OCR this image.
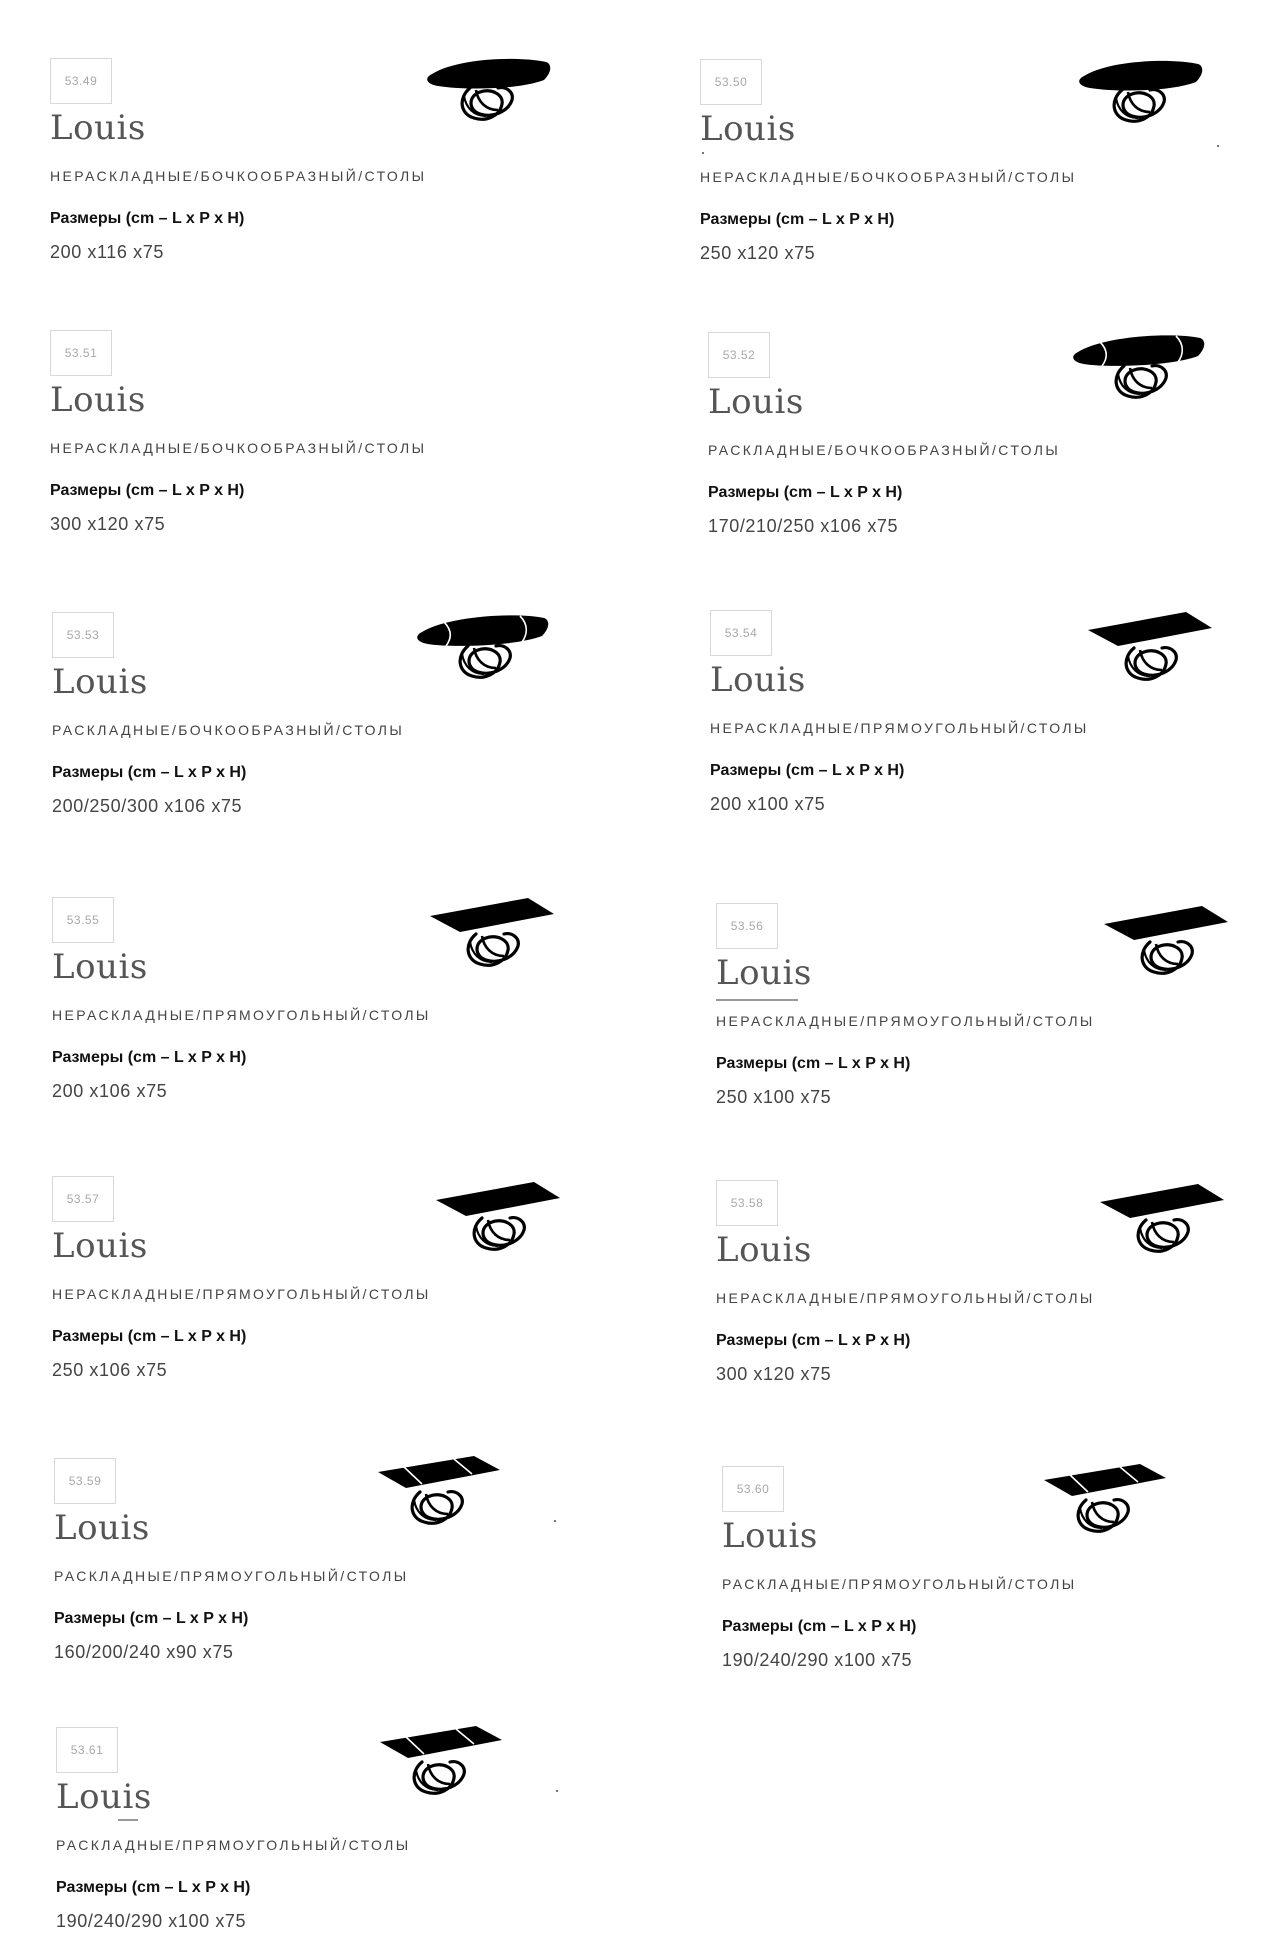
53.49
Louis
НЕРАСКЛАДНЫЕ/БОЧКООБРАЗНЫЙ/СТОЛЫ
Размеры (cm – L x P x H)
200 x116 x75
53.50
Louis
НЕРАСКЛАДНЫЕ/БОЧКООБРАЗНЫЙ/СТОЛЫ
Размеры (cm – L x P x H)
250 x120 x75
53.51
Louis
НЕРАСКЛАДНЫЕ/БОЧКООБРАЗНЫЙ/СТОЛЫ
Размеры (cm – L x P x H)
300 x120 x75
53.52
Louis
РАСКЛАДНЫЕ/БОЧКООБРАЗНЫЙ/СТОЛЫ
Размеры (cm – L x P x H)
170/210/250 x106 x75
53.53
Louis
РАСКЛАДНЫЕ/БОЧКООБРАЗНЫЙ/СТОЛЫ
Размеры (cm – L x P x H)
200/250/300 x106 x75
53.54
Louis
НЕРАСКЛАДНЫЕ/ПРЯМОУГОЛЬНЫЙ/СТОЛЫ
Размеры (cm – L x P x H)
200 x100 x75
53.55
Louis
НЕРАСКЛАДНЫЕ/ПРЯМОУГОЛЬНЫЙ/СТОЛЫ
Размеры (cm – L x P x H)
200 x106 x75
53.56
Louis
НЕРАСКЛАДНЫЕ/ПРЯМОУГОЛЬНЫЙ/СТОЛЫ
Размеры (cm – L x P x H)
250 x100 x75
53.57
Louis
НЕРАСКЛАДНЫЕ/ПРЯМОУГОЛЬНЫЙ/СТОЛЫ
Размеры (cm – L x P x H)
250 x106 x75
53.58
Louis
НЕРАСКЛАДНЫЕ/ПРЯМОУГОЛЬНЫЙ/СТОЛЫ
Размеры (cm – L x P x H)
300 x120 x75
53.59
Louis
РАСКЛАДНЫЕ/ПРЯМОУГОЛЬНЫЙ/СТОЛЫ
Размеры (cm – L x P x H)
160/200/240 x90 x75
53.60
Louis
РАСКЛАДНЫЕ/ПРЯМОУГОЛЬНЫЙ/СТОЛЫ
Размеры (cm – L x P x H)
190/240/290 x100 x75
53.61
Louis
РАСКЛАДНЫЕ/ПРЯМОУГОЛЬНЫЙ/СТОЛЫ
Размеры (cm – L x P x H)
190/240/290 x100 x75
